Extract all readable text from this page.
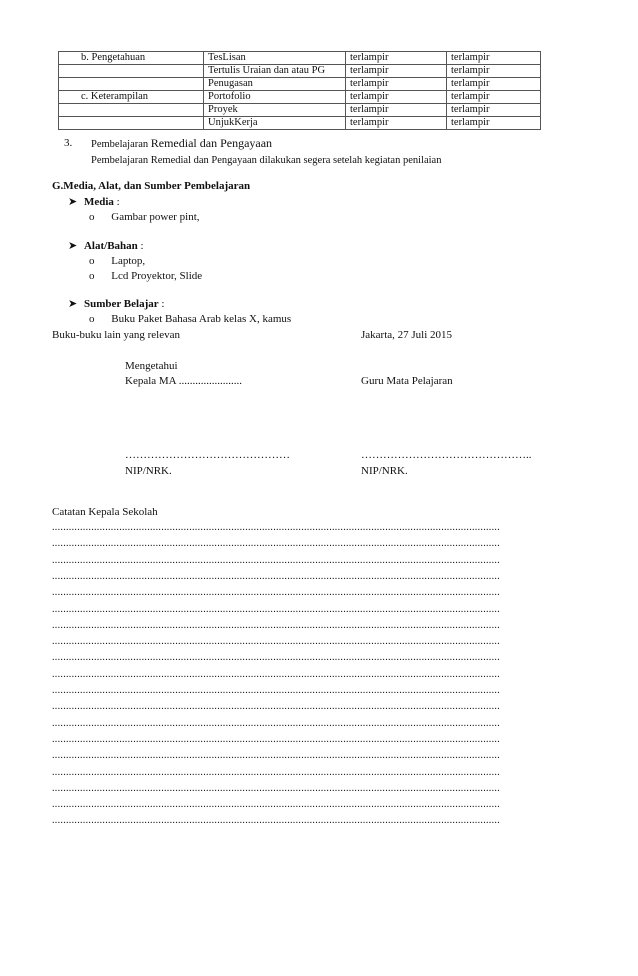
b. Pengetahuan	TesLisan	terlampir	terlampir
	Tertulis Uraian dan atau PG	terlampir	terlampir
	Penugasan	terlampir	terlampir
c. Keterampilan	Portofolio	terlampir	terlampir
	Proyek	terlampir	terlampir
	UnjukKerja	terlampir	terlampir
3. Pembelajaran Remedial dan Pengayaan
Pembelajaran Remedial dan Pengayaan dilakukan segera setelah kegiatan penilaian
G.Media, Alat, dan Sumber Pembelajaran
➤ Media :
o Gambar power pint,
➤ Alat/Bahan :
o Laptop,
o Lcd Proyektor, Slide
➤ Sumber Belajar :
o Buku Paket Bahasa Arab kelas X, kamus
Buku-buku lain yang relevan	Jakarta, 27 Juli 2015
Mengetahui
Kepala MA .......................	Guru Mata Pelajaran
………………………………………	………………………………………..
NIP/NRK.	NIP/NRK.
Catatan Kepala Sekolah
................................................................................................................................................................
................................................................................................................................................................
................................................................................................................................................................
................................................................................................................................................................
................................................................................................................................................................
................................................................................................................................................................
................................................................................................................................................................
................................................................................................................................................................
................................................................................................................................................................
................................................................................................................................................................
................................................................................................................................................................
................................................................................................................................................................
................................................................................................................................................................
................................................................................................................................................................
................................................................................................................................................................
................................................................................................................................................................
................................................................................................................................................................
................................................................................................................................................................
................................................................................................................................................................
